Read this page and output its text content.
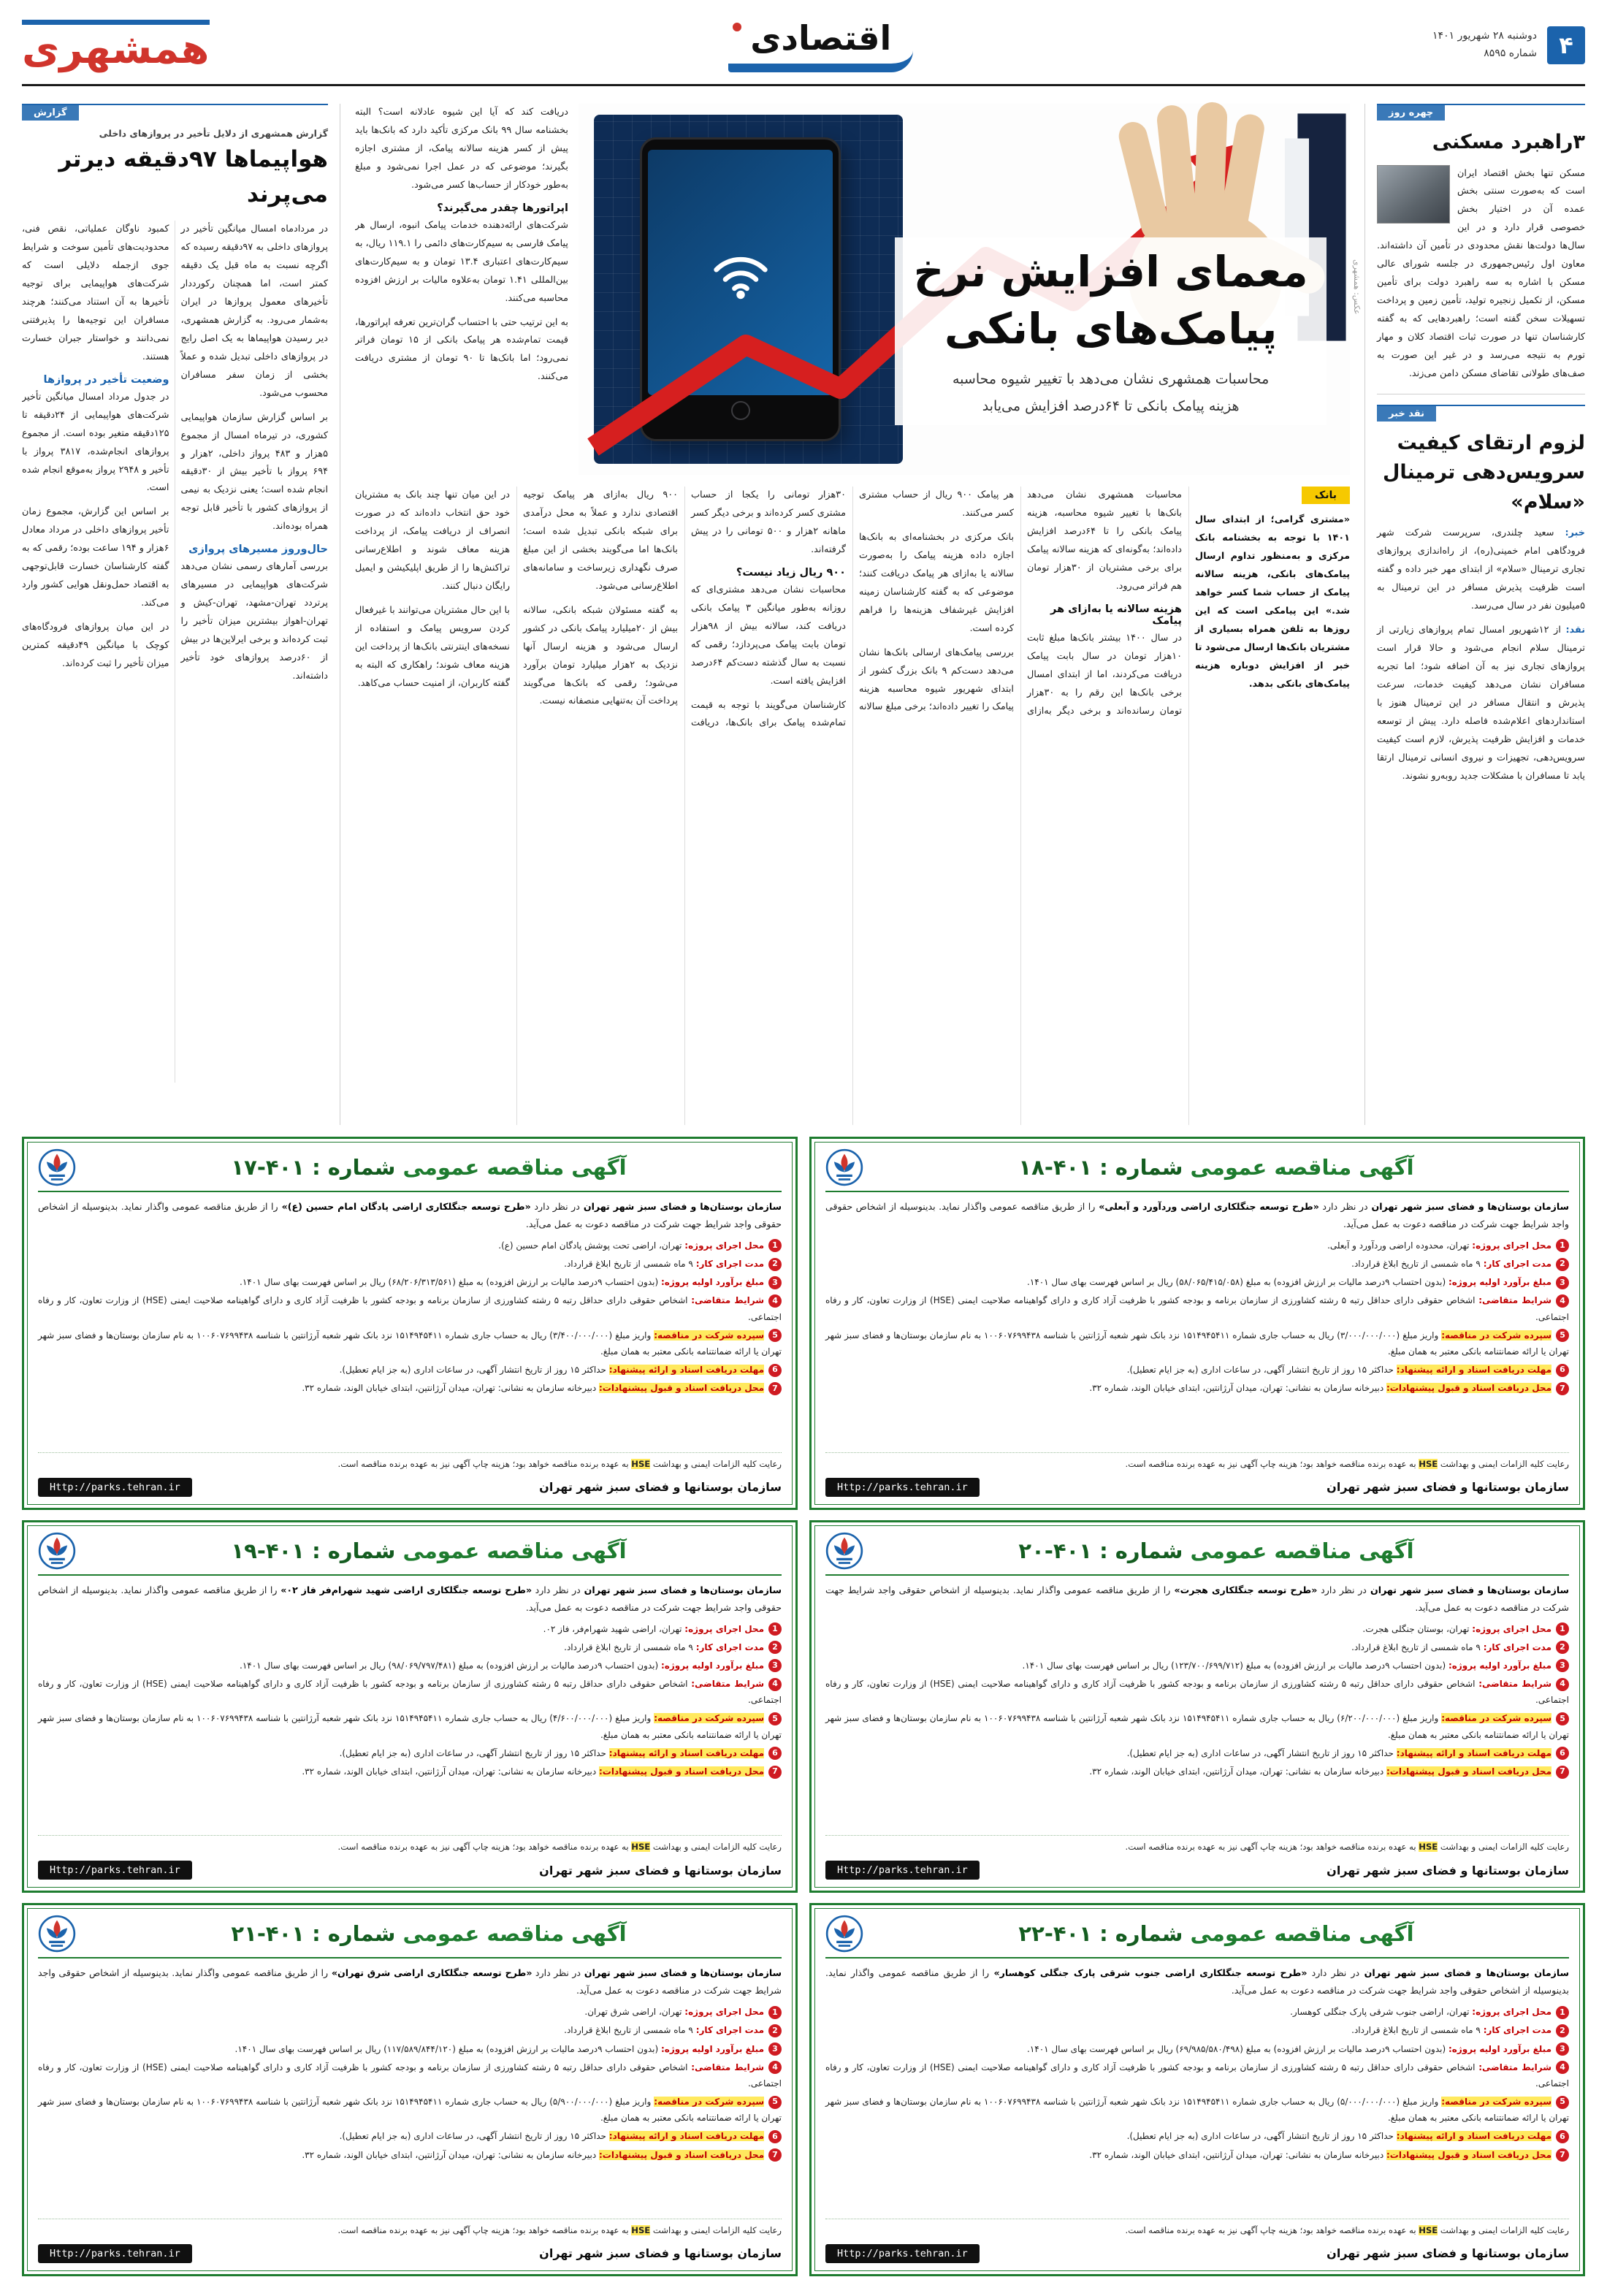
۴
دوشنبه ۲۸ شهریور ۱۴۰۱
شماره ۸۵۹۵
اقتصادی
همشهری
چهره روز
۳راهبرد مسکنی

مسکن تنها بخش اقتصاد ایران است که به‌صورت سنتی بخش عمده آن در اختیار بخش خصوصی قرار دارد و در این سال‌ها دولت‌ها نقش محدودی در تأمین آن داشته‌اند. معاون اول رئیس‌جمهوری در جلسه شورای عالی مسکن با اشاره به سه راهبرد دولت برای تأمین مسکن، از تکمیل زنجیره تولید، تأمین زمین و پرداخت تسهیلات سخن گفته است؛ راهبردهایی که به گفته کارشناسان تنها در صورت ثبات اقتصاد کلان و مهار تورم به نتیجه می‌رسد و در غیر این صورت به صف‌های طولانی تقاضای مسکن دامن می‌زند.

نقد خبر
لزوم ارتقای کیفیت سرویس‌دهی ترمینال «سلام»

خبر: سعید چلندری، سرپرست شرکت شهر فرودگاهی امام خمینی(ره)، از راه‌اندازی پروازهای تجاری ترمینال «سلام» از ابتدای مهر خبر داده و گفته است ظرفیت پذیرش مسافر در این ترمینال به ۵میلیون نفر در سال می‌رسد.

نقد: از ۱۲شهریور امسال تمام پروازهای زیارتی از ترمینال سلام انجام می‌شود و حالا قرار است پروازهای تجاری نیز به آن اضافه شود؛ اما تجربه مسافران نشان می‌دهد کیفیت خدمات، سرعت پذیرش و انتقال مسافر در این ترمینال هنوز با استانداردهای اعلام‌شده فاصله دارد. پیش از توسعه خدمات و افزایش ظرفیت پذیرش، لازم است کیفیت سرویس‌دهی، تجهیزات و نیروی انسانی ترمینال ارتقا یابد تا مسافران با مشکلات جدید روبه‌رو نشوند.

دریافت کند که آیا این شیوه عادلانه است؟ البته بخشنامه سال ۹۹ بانک مرکزی تأکید دارد که بانک‌ها باید پیش از کسر هزینه سالانه پیامک، از مشتری اجازه بگیرند؛ موضوعی که در عمل اجرا نمی‌شود و مبلغ به‌طور خودکار از حساب‌ها کسر می‌شود.

اپراتورها چقدر می‌گیرند؟

شرکت‌های ارائه‌دهنده خدمات پیامک انبوه، ارسال هر پیامک فارسی به سیم‌کارت‌های دائمی را ۱۱۹.۱ ریال، به سیم‌کارت‌های اعتباری ۱۳.۴ تومان و به سیم‌کارت‌های بین‌المللی ۱.۴۱ تومان به‌علاوه مالیات بر ارزش افزوده محاسبه می‌کنند.

به این ترتیب حتی با احتساب گران‌ترین تعرفه اپراتورها، قیمت تمام‌شده هر پیامک بانکی از ۱۵ تومان فراتر نمی‌رود؛ اما بانک‌ها تا ۹۰ تومان از مشتری دریافت می‌کنند.

معمای افزایش نرخ
پیامک‌های بانکی

محاسبات همشهری نشان می‌دهد با تغییر شیوه محاسبه
هزینه پیامک بانکی تا ۶۴درصد افزایش می‌یابد

عکس: همشهری
بانک

«مشتری گرامی؛ از ابتدای سال ۱۴۰۱ با توجه به بخشنامه بانک مرکزی و به‌منظور تداوم ارسال پیامک‌های بانکی، هزینه سالانه پیامک از حساب شما کسر خواهد شد.» این پیامکی است که این روزها به تلفن همراه بسیاری از مشتریان بانک‌ها ارسال می‌شود تا خبر از افزایش دوباره هزینه پیامک‌های بانکی بدهد.

محاسبات همشهری نشان می‌دهد بانک‌ها با تغییر شیوه محاسبه، هزینه پیامک بانکی را تا ۶۴درصد افزایش داده‌اند؛ به‌گونه‌ای که هزینه سالانه پیامک برای برخی مشتریان از ۳۰هزار تومان هم فراتر می‌رود.

هزینه سالانه یا به‌ازای هر پیامک

در سال ۱۴۰۰ بیشتر بانک‌ها مبلغ ثابت ۱۰هزار تومان در سال بابت پیامک دریافت می‌کردند، اما از ابتدای امسال برخی بانک‌ها این رقم را به ۳۰هزار تومان رسانده‌اند و برخی دیگر به‌ازای هر پیامک ۹۰۰ ریال از حساب مشتری کسر می‌کنند.

بانک مرکزی در بخشنامه‌ای به بانک‌ها اجازه داده هزینه پیامک را به‌صورت سالانه یا به‌ازای هر پیامک دریافت کنند؛ موضوعی که به گفته کارشناسان زمینه افزایش غیرشفاف هزینه‌ها را فراهم کرده است.

بررسی پیامک‌های ارسالی بانک‌ها نشان می‌دهد دست‌کم ۹ بانک بزرگ کشور از ابتدای شهریور شیوه محاسبه هزینه پیامک را تغییر داده‌اند؛ برخی مبلغ سالانه ۳۰هزار تومانی را یکجا از حساب مشتری کسر کرده‌اند و برخی دیگر کسر ماهانه ۲هزار و ۵۰۰ تومانی را در پیش گرفته‌اند.

۹۰۰ ریال زیاد نیست؟

محاسبات نشان می‌دهد مشتری‌ای که روزانه به‌طور میانگین ۳ پیامک بانکی دریافت کند، سالانه بیش از ۹۸هزار تومان بابت پیامک می‌پردازد؛ رقمی که نسبت به سال گذشته دست‌کم ۶۴درصد افزایش یافته است.

کارشناسان می‌گویند با توجه به قیمت تمام‌شده پیامک برای بانک‌ها، دریافت ۹۰۰ ریال به‌ازای هر پیامک توجیه اقتصادی ندارد و عملاً به محل درآمدی برای شبکه بانکی تبدیل شده است؛ بانک‌ها اما می‌گویند بخشی از این مبلغ صرف نگهداری زیرساخت و سامانه‌های اطلاع‌رسانی می‌شود.

به گفته مسئولان شبکه بانکی، سالانه بیش از ۲۰میلیارد پیامک بانکی در کشور ارسال می‌شود و هزینه ارسال آنها نزدیک به ۲هزار میلیارد تومان برآورد می‌شود؛ رقمی که بانک‌ها می‌گویند پرداخت آن به‌تنهایی منصفانه نیست.

در این میان تنها چند بانک به مشتریان خود حق انتخاب داده‌اند که در صورت انصراف از دریافت پیامک، از پرداخت هزینه معاف شوند و اطلاع‌رسانی تراکنش‌ها را از طریق اپلیکیشن و ایمیل رایگان دنبال کنند.

با این حال مشتریان می‌توانند با غیرفعال کردن سرویس پیامک و استفاده از نسخه‌های اینترنتی بانک‌ها از پرداخت این هزینه معاف شوند؛ راهکاری که البته به گفته کاربران، از امنیت حساب می‌کاهد.

گزارش

گزارش همشهری از دلایل تأخیر در پروازهای داخلی

هواپیماها ۹۷دقیقه دیرتر می‌پرند

در مردادماه امسال میانگین تأخیر در پروازهای داخلی به ۹۷دقیقه رسیده که اگرچه نسبت به ماه قبل یک دقیقه کمتر است، اما همچنان رکورددار تأخیرهای معمول پروازها در ایران به‌شمار می‌رود. به گزارش همشهری، دیر رسیدن هواپیماها به یک اصل رایج در پروازهای داخلی تبدیل شده و عملاً بخشی از زمان سفر مسافران محسوب می‌شود.

بر اساس گزارش سازمان هواپیمایی کشوری، در تیرماه امسال از مجموع ۵هزار و ۴۸۳ پرواز داخلی، ۲هزار و ۶۹۴ پرواز با تأخیر بیش از ۳۰دقیقه انجام شده است؛ یعنی نزدیک به نیمی از پروازهای کشور با تأخیر قابل توجه همراه بوده‌اند.

حال‌وروز مسیرهای پروازی

بررسی آمارهای رسمی نشان می‌دهد شرکت‌های هواپیمایی در مسیرهای پرتردد تهران-مشهد، تهران-کیش و تهران-اهواز بیشترین میزان تأخیر را ثبت کرده‌اند و برخی ایرلاین‌ها در بیش از ۶۰درصد پروازهای خود تأخیر داشته‌اند.

کمبود ناوگان عملیاتی، نقص فنی، محدودیت‌های تأمین سوخت و شرایط جوی ازجمله دلایلی است که شرکت‌های هواپیمایی برای توجیه تأخیرها به آن استناد می‌کنند؛ هرچند مسافران این توجیه‌ها را پذیرفتنی نمی‌دانند و خواستار جبران خسارت هستند.

وضعیت تأخیر در پروازها

در جدول مرداد امسال میانگین تأخیر شرکت‌های هواپیمایی از ۲۴دقیقه تا ۱۲۵دقیقه متغیر بوده است. از مجموع پروازهای انجام‌شده، ۳۸۱۷ پرواز با تأخیر و ۲۹۴۸ پرواز به‌موقع انجام شده است.

بر اساس این گزارش، مجموع زمان تأخیر پروازهای داخلی در مرداد معادل ۶هزار و ۱۹۴ ساعت بوده؛ رقمی که به گفته کارشناسان خسارت قابل‌توجهی به اقتصاد حمل‌ونقل هوایی کشور وارد می‌کند.

در این میان پروازهای فرودگاه‌های کوچک با میانگین ۴۹دقیقه کمترین میزان تأخیر را ثبت کرده‌اند.

آگهی مناقصه عمومی شماره : ۴۰۱-۱۷

سازمان بوستان‌ها و فضای سبز شهر تهران در نظر دارد «طرح توسعه جنگلکاری اراضی پادگان امام حسین (ع)» را از طریق مناقصه عمومی واگذار نماید. بدینوسیله از اشخاص حقوقی واجد شرایط جهت شرکت در مناقصه دعوت به عمل می‌آید.

1محل اجرای پروژه: تهران، اراضی تحت پوشش پادگان امام حسین (ع).

2مدت اجرای کار: ۹ ماه شمسی از تاریخ ابلاغ قرارداد.

3مبلغ برآورد اولیه پروژه: (بدون احتساب ۹درصد مالیات بر ارزش افزوده) به مبلغ (۶۸/۲۰۶/۳۱۳/۵۶۱) ریال بر اساس فهرست بهای سال ۱۴۰۱.

4شرایط متقاضی: اشخاص حقوقی دارای حداقل رتبه ۵ رشته کشاورزی از سازمان برنامه و بودجه کشور با ظرفیت آزاد کاری و دارای گواهینامه صلاحیت ایمنی (HSE) از وزارت تعاون، کار و رفاه اجتماعی.

5سپرده شرکت در مناقصه: واریز مبلغ (۳/۴۰۰/۰۰۰/۰۰۰) ریال به حساب جاری شماره ۱۵۱۴۹۴۵۴۱۱ نزد بانک شهر شعبه آرژانتین با شناسه ۱۰۰۶۰۷۶۹۹۴۳۸ به نام سازمان بوستان‌ها و فضای سبز شهر تهران یا ارائه ضمانتنامه بانکی معتبر به همان مبلغ.

6مهلت دریافت اسناد و ارائه پیشنهاد: حداکثر ۱۵ روز از تاریخ انتشار آگهی، در ساعات اداری (به جز ایام تعطیل).

7محل دریافت اسناد و قبول پیشنهادات: دبیرخانه سازمان به نشانی: تهران، میدان آرژانتین، ابتدای خیابان الوند، شماره ۳۲.

رعایت کلیه الزامات ایمنی و بهداشت HSE به عهده برنده مناقصه خواهد بود؛ هزینه چاپ آگهی نیز به عهده برنده مناقصه است.

سازمان بوستانها و فضای سبز شهر تهران
Http://parks.tehran.ir
آگهی مناقصه عمومی شماره : ۴۰۱-۱۸

سازمان بوستان‌ها و فضای سبز شهر تهران در نظر دارد «طرح توسعه جنگلکاری اراضی وردآورد و آبعلی» را از طریق مناقصه عمومی واگذار نماید. بدینوسیله از اشخاص حقوقی واجد شرایط جهت شرکت در مناقصه دعوت به عمل می‌آید.

1محل اجرای پروژه: تهران، محدوده اراضی وردآورد و آبعلی.

2مدت اجرای کار: ۹ ماه شمسی از تاریخ ابلاغ قرارداد.

3مبلغ برآورد اولیه پروژه: (بدون احتساب ۹درصد مالیات بر ارزش افزوده) به مبلغ (۵۸/۰۶۵/۴۱۵/۰۵۸) ریال بر اساس فهرست بهای سال ۱۴۰۱.

4شرایط متقاضی: اشخاص حقوقی دارای حداقل رتبه ۵ رشته کشاورزی از سازمان برنامه و بودجه کشور با ظرفیت آزاد کاری و دارای گواهینامه صلاحیت ایمنی (HSE) از وزارت تعاون، کار و رفاه اجتماعی.

5سپرده شرکت در مناقصه: واریز مبلغ (۳/۰۰۰/۰۰۰/۰۰۰) ریال به حساب جاری شماره ۱۵۱۴۹۴۵۴۱۱ نزد بانک شهر شعبه آرژانتین با شناسه ۱۰۰۶۰۷۶۹۹۴۳۸ به نام سازمان بوستان‌ها و فضای سبز شهر تهران یا ارائه ضمانتنامه بانکی معتبر به همان مبلغ.

6مهلت دریافت اسناد و ارائه پیشنهاد: حداکثر ۱۵ روز از تاریخ انتشار آگهی، در ساعات اداری (به جز ایام تعطیل).

7محل دریافت اسناد و قبول پیشنهادات: دبیرخانه سازمان به نشانی: تهران، میدان آرژانتین، ابتدای خیابان الوند، شماره ۳۲.

رعایت کلیه الزامات ایمنی و بهداشت HSE به عهده برنده مناقصه خواهد بود؛ هزینه چاپ آگهی نیز به عهده برنده مناقصه است.

سازمان بوستانها و فضای سبز شهر تهران
Http://parks.tehran.ir
آگهی مناقصه عمومی شماره : ۴۰۱-۱۹

سازمان بوستان‌ها و فضای سبز شهر تهران در نظر دارد «طرح توسعه جنگلکاری اراضی شهید شهرام‌فر فاز ۰۲» را از طریق مناقصه عمومی واگذار نماید. بدینوسیله از اشخاص حقوقی واجد شرایط جهت شرکت در مناقصه دعوت به عمل می‌آید.

1محل اجرای پروژه: تهران، اراضی شهید شهرام‌فر، فاز ۰۲.

2مدت اجرای کار: ۹ ماه شمسی از تاریخ ابلاغ قرارداد.

3مبلغ برآورد اولیه پروژه: (بدون احتساب ۹درصد مالیات بر ارزش افزوده) به مبلغ (۹۸/۰۶۹/۷۹۷/۴۸۱) ریال بر اساس فهرست بهای سال ۱۴۰۱.

4شرایط متقاضی: اشخاص حقوقی دارای حداقل رتبه ۵ رشته کشاورزی از سازمان برنامه و بودجه کشور با ظرفیت آزاد کاری و دارای گواهینامه صلاحیت ایمنی (HSE) از وزارت تعاون، کار و رفاه اجتماعی.

5سپرده شرکت در مناقصه: واریز مبلغ (۴/۶۰۰/۰۰۰/۰۰۰) ریال به حساب جاری شماره ۱۵۱۴۹۴۵۴۱۱ نزد بانک شهر شعبه آرژانتین با شناسه ۱۰۰۶۰۷۶۹۹۴۳۸ به نام سازمان بوستان‌ها و فضای سبز شهر تهران یا ارائه ضمانتنامه بانکی معتبر به همان مبلغ.

6مهلت دریافت اسناد و ارائه پیشنهاد: حداکثر ۱۵ روز از تاریخ انتشار آگهی، در ساعات اداری (به جز ایام تعطیل).

7محل دریافت اسناد و قبول پیشنهادات: دبیرخانه سازمان به نشانی: تهران، میدان آرژانتین، ابتدای خیابان الوند، شماره ۳۲.

رعایت کلیه الزامات ایمنی و بهداشت HSE به عهده برنده مناقصه خواهد بود؛ هزینه چاپ آگهی نیز به عهده برنده مناقصه است.

سازمان بوستانها و فضای سبز شهر تهران
Http://parks.tehran.ir
آگهی مناقصه عمومی شماره : ۴۰۱-۲۰

سازمان بوستان‌ها و فضای سبز شهر تهران در نظر دارد «طرح توسعه جنگلکاری هجرت» را از طریق مناقصه عمومی واگذار نماید. بدینوسیله از اشخاص حقوقی واجد شرایط جهت شرکت در مناقصه دعوت به عمل می‌آید.

1محل اجرای پروژه: تهران، بوستان جنگلی هجرت.

2مدت اجرای کار: ۹ ماه شمسی از تاریخ ابلاغ قرارداد.

3مبلغ برآورد اولیه پروژه: (بدون احتساب ۹درصد مالیات بر ارزش افزوده) به مبلغ (۱۲۳/۷۰۰/۶۹۹/۷۱۲) ریال بر اساس فهرست بهای سال ۱۴۰۱.

4شرایط متقاضی: اشخاص حقوقی دارای حداقل رتبه ۵ رشته کشاورزی از سازمان برنامه و بودجه کشور با ظرفیت آزاد کاری و دارای گواهینامه صلاحیت ایمنی (HSE) از وزارت تعاون، کار و رفاه اجتماعی.

5سپرده شرکت در مناقصه: واریز مبلغ (۶/۲۰۰/۰۰۰/۰۰۰) ریال به حساب جاری شماره ۱۵۱۴۹۴۵۴۱۱ نزد بانک شهر شعبه آرژانتین با شناسه ۱۰۰۶۰۷۶۹۹۴۳۸ به نام سازمان بوستان‌ها و فضای سبز شهر تهران یا ارائه ضمانتنامه بانکی معتبر به همان مبلغ.

6مهلت دریافت اسناد و ارائه پیشنهاد: حداکثر ۱۵ روز از تاریخ انتشار آگهی، در ساعات اداری (به جز ایام تعطیل).

7محل دریافت اسناد و قبول پیشنهادات: دبیرخانه سازمان به نشانی: تهران، میدان آرژانتین، ابتدای خیابان الوند، شماره ۳۲.

رعایت کلیه الزامات ایمنی و بهداشت HSE به عهده برنده مناقصه خواهد بود؛ هزینه چاپ آگهی نیز به عهده برنده مناقصه است.

سازمان بوستانها و فضای سبز شهر تهران
Http://parks.tehran.ir
آگهی مناقصه عمومی شماره : ۴۰۱-۲۱

سازمان بوستان‌ها و فضای سبز شهر تهران در نظر دارد «طرح توسعه جنگلکاری اراضی شرق تهران» را از طریق مناقصه عمومی واگذار نماید. بدینوسیله از اشخاص حقوقی واجد شرایط جهت شرکت در مناقصه دعوت به عمل می‌آید.

1محل اجرای پروژه: تهران، اراضی شرق تهران.

2مدت اجرای کار: ۹ ماه شمسی از تاریخ ابلاغ قرارداد.

3مبلغ برآورد اولیه پروژه: (بدون احتساب ۹درصد مالیات بر ارزش افزوده) به مبلغ (۱۱۷/۵۸۹/۸۴۴/۱۲۰) ریال بر اساس فهرست بهای سال ۱۴۰۱.

4شرایط متقاضی: اشخاص حقوقی دارای حداقل رتبه ۵ رشته کشاورزی از سازمان برنامه و بودجه کشور با ظرفیت آزاد کاری و دارای گواهینامه صلاحیت ایمنی (HSE) از وزارت تعاون، کار و رفاه اجتماعی.

5سپرده شرکت در مناقصه: واریز مبلغ (۵/۹۰۰/۰۰۰/۰۰۰) ریال به حساب جاری شماره ۱۵۱۴۹۴۵۴۱۱ نزد بانک شهر شعبه آرژانتین با شناسه ۱۰۰۶۰۷۶۹۹۴۳۸ به نام سازمان بوستان‌ها و فضای سبز شهر تهران یا ارائه ضمانتنامه بانکی معتبر به همان مبلغ.

6مهلت دریافت اسناد و ارائه پیشنهاد: حداکثر ۱۵ روز از تاریخ انتشار آگهی، در ساعات اداری (به جز ایام تعطیل).

7محل دریافت اسناد و قبول پیشنهادات: دبیرخانه سازمان به نشانی: تهران، میدان آرژانتین، ابتدای خیابان الوند، شماره ۳۲.

رعایت کلیه الزامات ایمنی و بهداشت HSE به عهده برنده مناقصه خواهد بود؛ هزینه چاپ آگهی نیز به عهده برنده مناقصه است.

سازمان بوستانها و فضای سبز شهر تهران
Http://parks.tehran.ir
آگهی مناقصه عمومی شماره : ۴۰۱-۲۲

سازمان بوستان‌ها و فضای سبز شهر تهران در نظر دارد «طرح توسعه جنگلکاری اراضی جنوب شرقی پارک جنگلی کوهسار» را از طریق مناقصه عمومی واگذار نماید. بدینوسیله از اشخاص حقوقی واجد شرایط جهت شرکت در مناقصه دعوت به عمل می‌آید.

1محل اجرای پروژه: تهران، اراضی جنوب شرقی پارک جنگلی کوهسار.

2مدت اجرای کار: ۹ ماه شمسی از تاریخ ابلاغ قرارداد.

3مبلغ برآورد اولیه پروژه: (بدون احتساب ۹درصد مالیات بر ارزش افزوده) به مبلغ (۶۹/۹۸۵/۵۸۰/۴۹۸) ریال بر اساس فهرست بهای سال ۱۴۰۱.

4شرایط متقاضی: اشخاص حقوقی دارای حداقل رتبه ۵ رشته کشاورزی از سازمان برنامه و بودجه کشور با ظرفیت آزاد کاری و دارای گواهینامه صلاحیت ایمنی (HSE) از وزارت تعاون، کار و رفاه اجتماعی.

5سپرده شرکت در مناقصه: واریز مبلغ (۵/۰۰۰/۰۰۰/۰۰۰) ریال به حساب جاری شماره ۱۵۱۴۹۴۵۴۱۱ نزد بانک شهر شعبه آرژانتین با شناسه ۱۰۰۶۰۷۶۹۹۴۳۸ به نام سازمان بوستان‌ها و فضای سبز شهر تهران یا ارائه ضمانتنامه بانکی معتبر به همان مبلغ.

6مهلت دریافت اسناد و ارائه پیشنهاد: حداکثر ۱۵ روز از تاریخ انتشار آگهی، در ساعات اداری (به جز ایام تعطیل).

7محل دریافت اسناد و قبول پیشنهادات: دبیرخانه سازمان به نشانی: تهران، میدان آرژانتین، ابتدای خیابان الوند، شماره ۳۲.

رعایت کلیه الزامات ایمنی و بهداشت HSE به عهده برنده مناقصه خواهد بود؛ هزینه چاپ آگهی نیز به عهده برنده مناقصه است.

سازمان بوستانها و فضای سبز شهر تهران
Http://parks.tehran.ir
